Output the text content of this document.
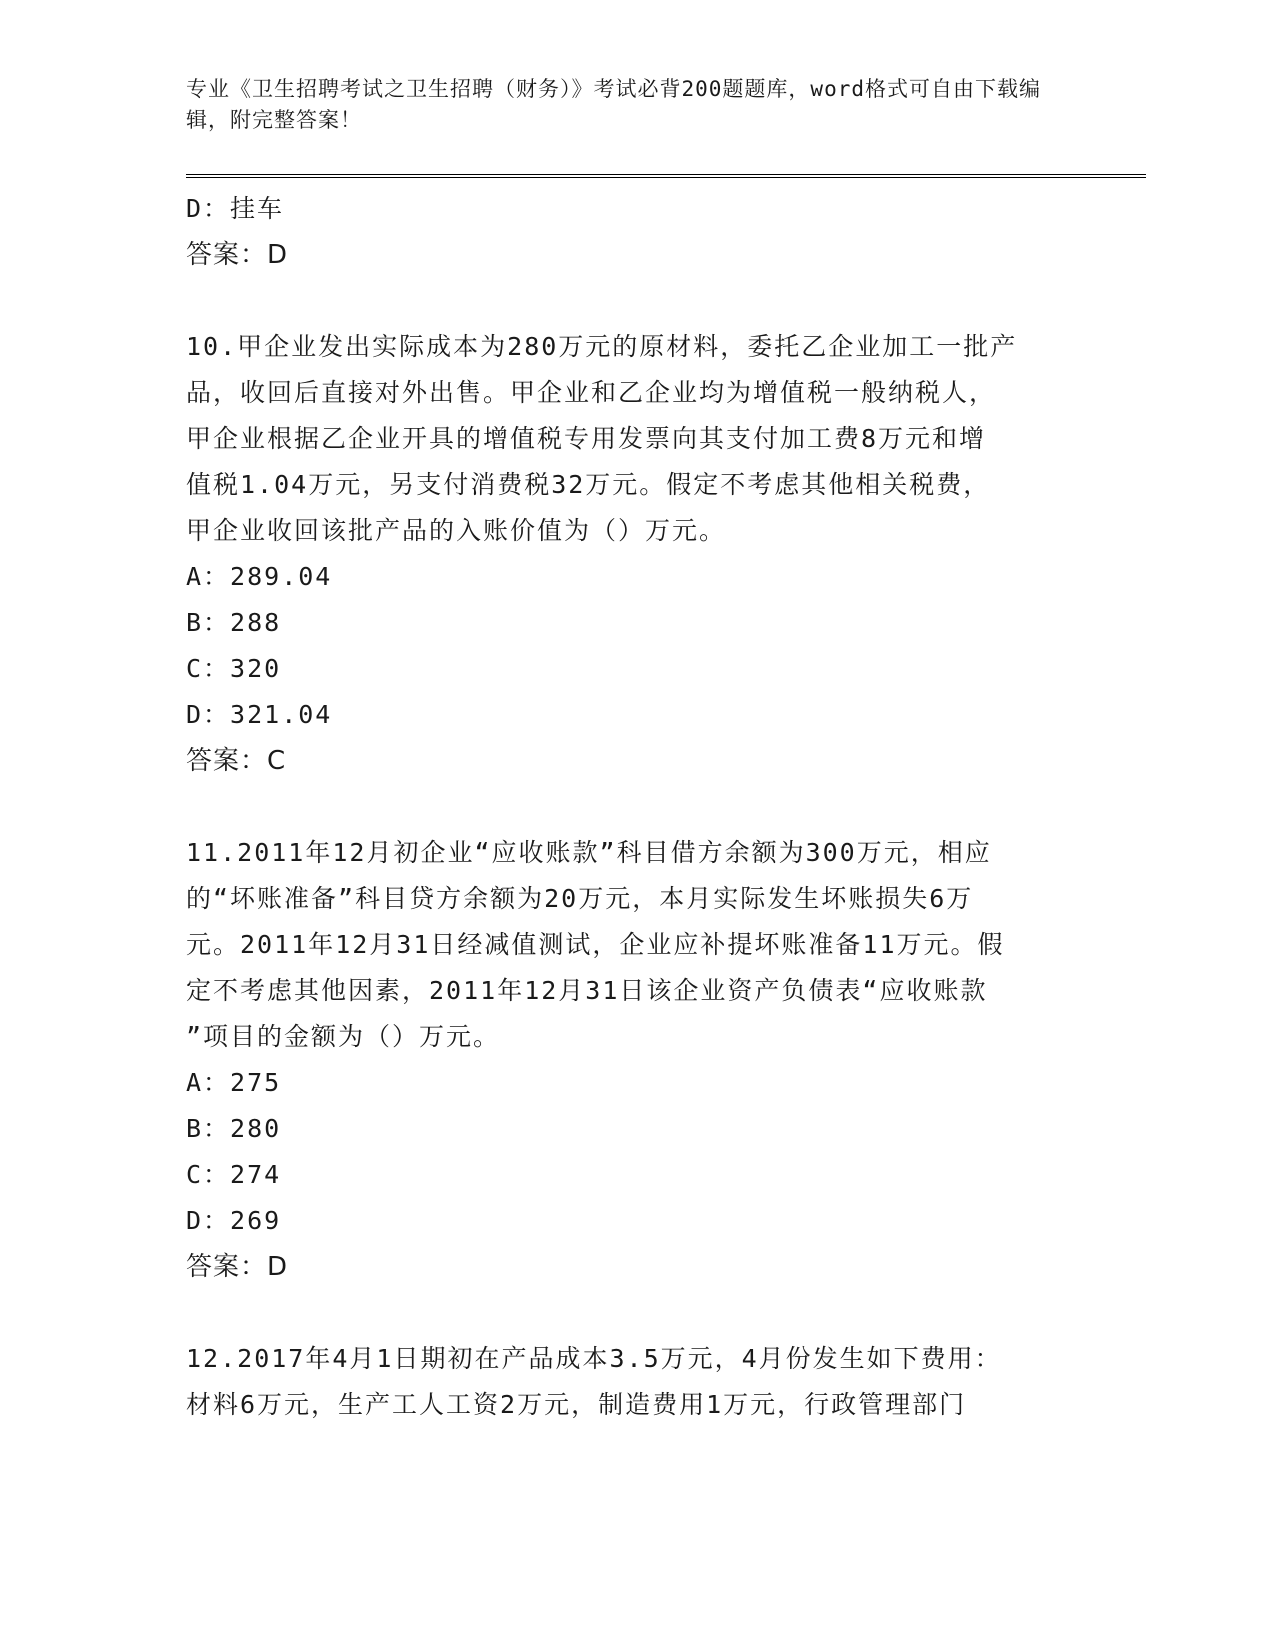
专业《卫生招聘考试之卫生招聘（财务）》考试必背200题题库，word格式可自由下载编辑，附完整答案！
D：挂车
答案：D
10.甲企业发出实际成本为280万元的原材料，委托乙企业加工一批产
品，收回后直接对外出售。甲企业和乙企业均为增值税一般纳税人，
甲企业根据乙企业开具的增值税专用发票向其支付加工费8万元和增
值税1.04万元，另支付消费税32万元。假定不考虑其他相关税费，
甲企业收回该批产品的入账价值为（）万元。
A：289.04
B：288
C：320
D：321.04
答案：C
11.2011年12月初企业“应收账款”科目借方余额为300万元，相应
的“坏账准备”科目贷方余额为20万元，本月实际发生坏账损失6万
元。2011年12月31日经减值测试，企业应补提坏账准备11万元。假
定不考虑其他因素，2011年12月31日该企业资产负债表“应收账款
”项目的金额为（）万元。
A：275
B：280
C：274
D：269
答案：D
12.2017年4月1日期初在产品成本3.5万元，4月份发生如下费用：
材料6万元，生产工人工资2万元，制造费用1万元，行政管理部门
